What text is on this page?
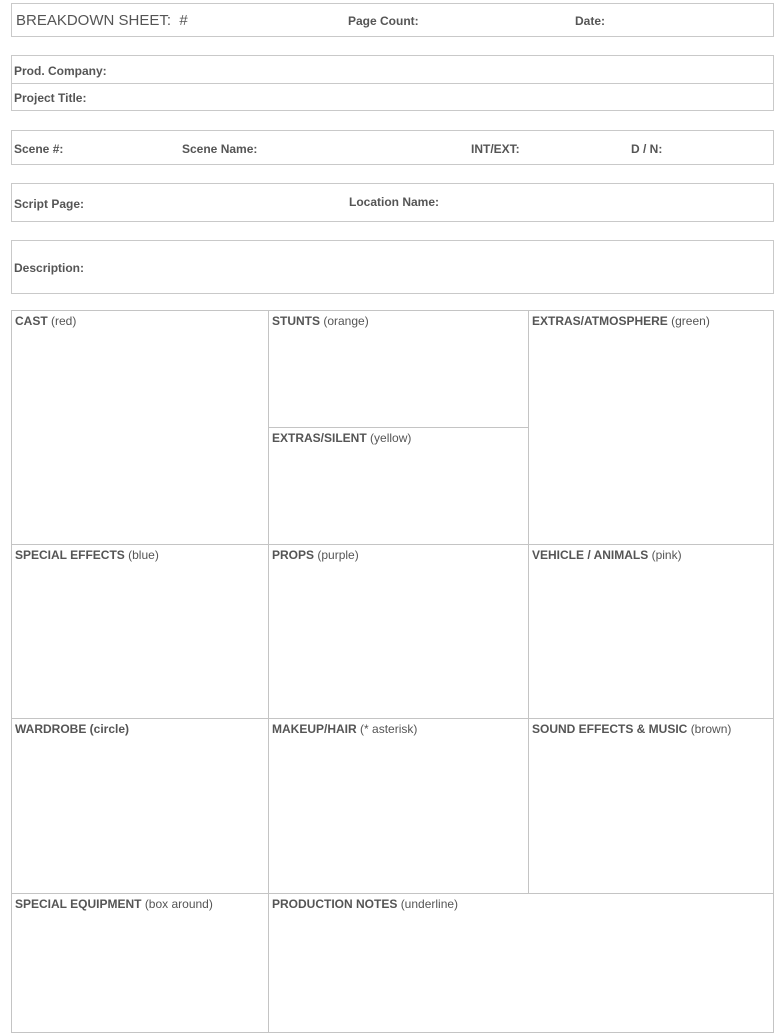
BREAKDOWN SHEET:  #	Page Count:	Date:
Prod. Company:
Project Title:
Scene #:	Scene Name:	INT/EXT:	D / N:
Script Page:	Location Name:
Description:
CAST (red)	STUNTS (orange)	EXTRAS/ATMOSPHERE (green)
EXTRAS/SILENT (yellow)
SPECIAL EFFECTS (blue)	PROPS (purple)	VEHICLE / ANIMALS (pink)
WARDROBE (circle)	MAKEUP/HAIR (* asterisk)	SOUND EFFECTS & MUSIC (brown)
SPECIAL EQUIPMENT (box around)	PRODUCTION NOTES (underline)
